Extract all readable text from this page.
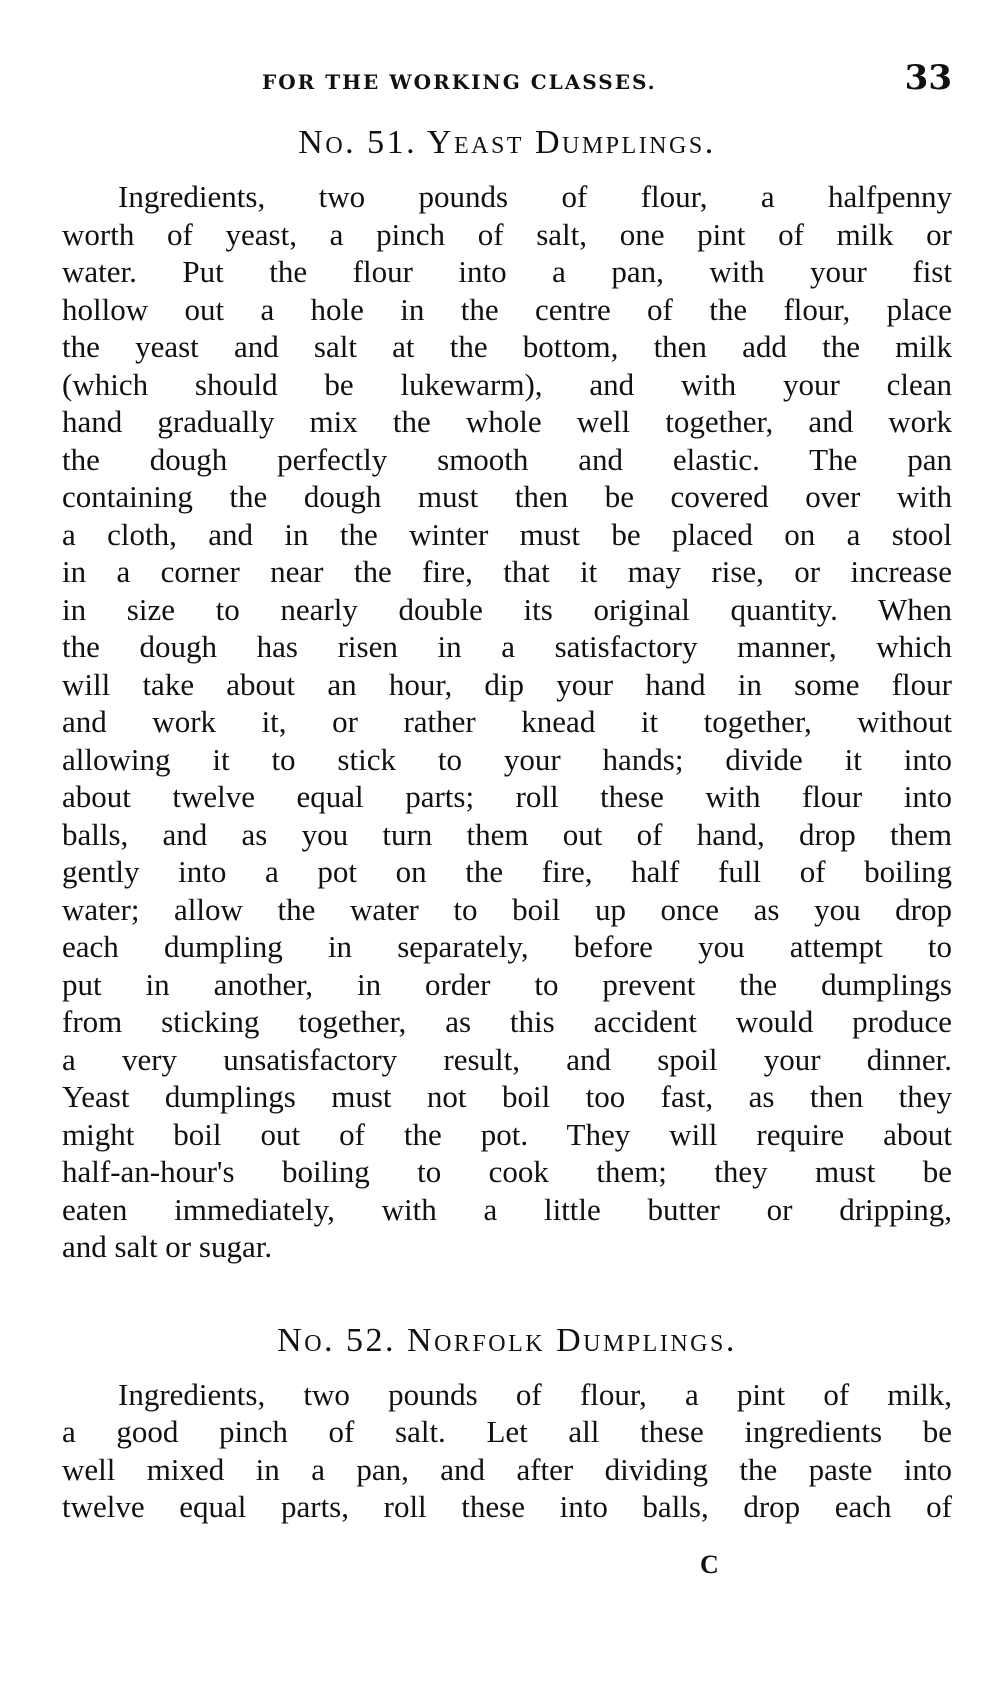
FOR THE WORKING CLASSES.	33
No. 51. Yeast Dumplings.
Ingredients, two pounds of flour, a halfpenny
worth of yeast, a pinch of salt, one pint of milk or
water. Put the flour into a pan, with your fist
hollow out a hole in the centre of the flour, place
the yeast and salt at the bottom, then add the milk
(which should be lukewarm), and with your clean
hand gradually mix the whole well together, and work
the dough perfectly smooth and elastic. The pan
containing the dough must then be covered over with
a cloth, and in the winter must be placed on a stool
in a corner near the fire, that it may rise, or increase
in size to nearly double its original quantity. When
the dough has risen in a satisfactory manner, which
will take about an hour, dip your hand in some flour
and work it, or rather knead it together, without
allowing it to stick to your hands; divide it into
about twelve equal parts; roll these with flour into
balls, and as you turn them out of hand, drop them
gently into a pot on the fire, half full of boiling
water; allow the water to boil up once as you drop
each dumpling in separately, before you attempt to
put in another, in order to prevent the dumplings
from sticking together, as this accident would produce
a very unsatisfactory result, and spoil your dinner.
Yeast dumplings must not boil too fast, as then they
might boil out of the pot. They will require about
half-an-hour's boiling to cook them; they must be
eaten immediately, with a little butter or dripping,
and salt or sugar.
No. 52. Norfolk Dumplings.
Ingredients, two pounds of flour, a pint of milk,
a good pinch of salt. Let all these ingredients be
well mixed in a pan, and after dividing the paste into
twelve equal parts, roll these into balls, drop each of
C
